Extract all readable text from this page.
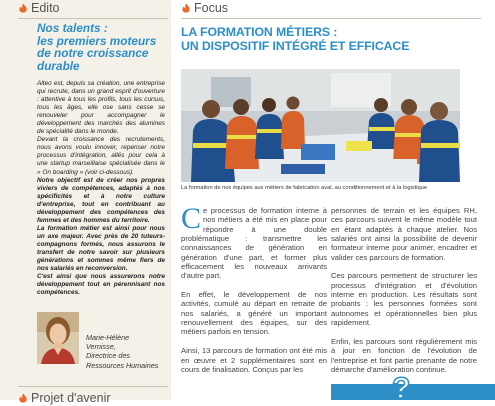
Edito
Nos talents :
les premiers moteurs
de notre croissance
durable

Alteo est, depuis sa création, une entreprise qui recrute, dans un grand esprit d'ouverture : attentive à tous les profils, tous les cursus, tous les âges, elle ose sans cesse se renouveler pour accompagner le développement des marchés des alumines de spécialité dans le monde.

Devant la croissance des recrutements, nous avons voulu innover, repenser notre processus d'intégration, allés pour cela à une startup marseillaise spécialisée dans le « On boarding » (voir ci-dessous).

Notre objectif est de créer nos propres viviers de compétences, adaptés à nos spécificités et à notre culture d'entreprise, tout en contribuant au développement des compétences des femmes et des hommes du territoire.

La formation métier est ainsi pour nous un axe majeur. Avec près de 20 tuteurs-compagnons formés, nous assurons le transfert de notre savoir sur plusieurs générations et sommes même fiers de nos salariés en reconversion.

C'est ainsi que nous assurerons notre développement tout en pérennisant nos compétences.

Marie-Hélène
Vernisse,
Directrice des
Ressources Humaines
Projet d'avenir
Focus
LA FORMATION MÉTIERS :
UN DISPOSITIF INTÉGRÉ ET EFFICACE
La formation de nos équipes aux métiers de fabrication aval, au conditionnement et à la logistique

Ce processus de formation interne à nos métiers a été mis en place pour répondre à une double problématique : transmettre les connaissances de génération en génération d'une part, et former plus efficacement les nouveaux arrivants d'autre part.

En effet, le développement de nos activités, cumulé au départ en retraite de nos salariés, a généré un important renouvellement des équipes, sur des métiers parfois en tension.

Ainsi, 13 parcours de formation ont été mis en œuvre et 2 supplémentaires sont en cours de finalisation. Conçus par les

personnes de terrain et les équipes RH, ces parcours suivent le même modèle tout en étant adaptés à chaque atelier. Nos salariés ont ainsi la possibilité de devenir formateur interne pour animer, encadrer et valider ces parcours de formation.

Ces parcours permettent de structurer les processus d'intégration et d'évolution interne en production. Les résultats sont probants : les personnes formées sont autonomes et opérationnelles bien plus rapidement.

Enfin, les parcours sont régulièrement mis à jour en fonction de l'évolution de l'entreprise et font partie prenante de notre démarche d'amélioration continue.

?
